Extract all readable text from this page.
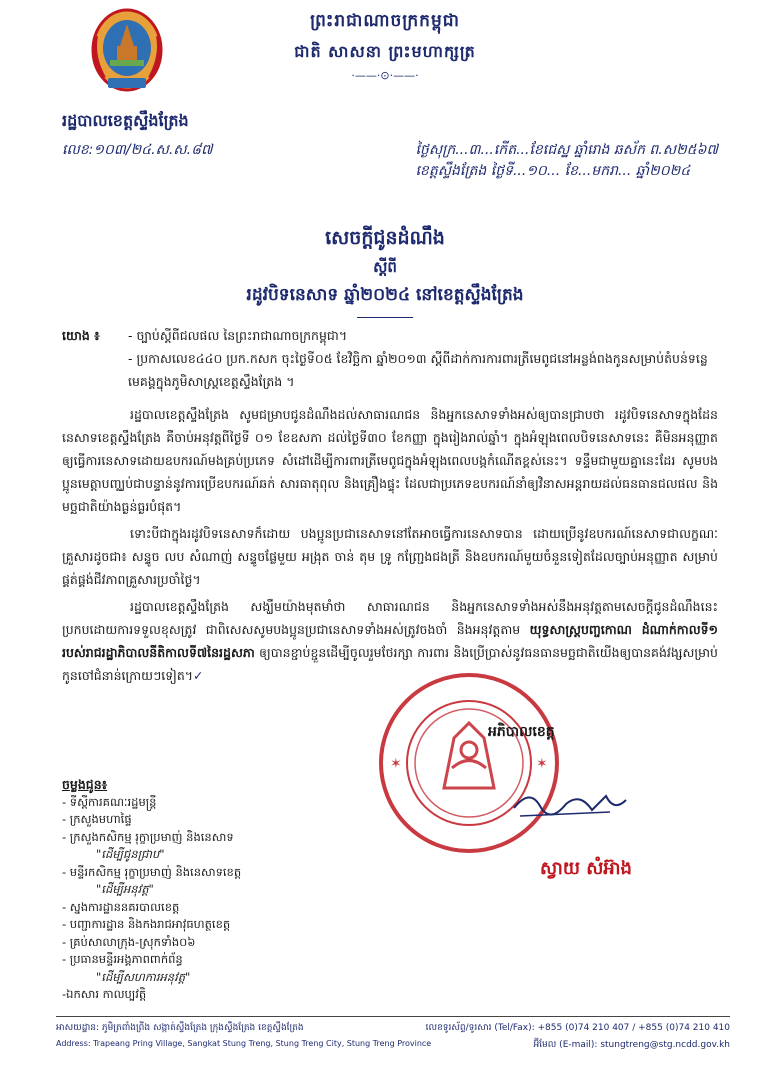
ព្រះរាជាណាចក្រកម្ពុជា
ជាតិ សាសនា ព្រះមហាក្សត្រ
·——·⊙·——·
រដ្ឋបាលខេត្តស្ទឹងត្រែង
លេខ:១០៣/២៤.ស.ស.៨៧	ថ្ងៃសុក្រ...៣...កើត...ខែជេស្ឋ ឆ្នាំរោង ឆស័ក ព.ស២៥៦៧
ខេត្តស្ទឹងត្រែង ថ្ងៃទី...១០... ខែ...មករា... ឆ្នាំ២០២៤
សេចក្តីជូនដំណឹង
ស្តីពី
រដូវបិទនេសាទ ឆ្នាំ២០២៤ នៅខេត្តស្ទឹងត្រែង
យោង ៖	- ច្បាប់ស្តីពីជលផល នៃព្រះរាជាណាចក្រកម្ពុជា។
- ប្រកាសលេខ៤៤០ ប្រក.កសក ចុះថ្ងៃទី០៥ ខែវិច្ឆិកា ឆ្នាំ២០១៣ ស្តីពីដាក់ការការពារត្រីមេពូជនៅអន្លង់ពងកូនសម្រាប់តំបន់ទន្លេមេគង្គក្នុងភូមិសាស្ត្រខេត្តស្ទឹងត្រែង ។
រដ្ឋបាលខេត្តស្ទឹងត្រែង សូមជម្រាបជូនដំណឹងដល់សាធារណជន និងអ្នកនេសាទទាំងអស់ឲ្យបានជ្រាបថា រដូវបិទនេសាទក្នុងដែននេសាទខេត្តស្ទឹងត្រែង គឺចាប់អនុវត្តពីថ្ងៃទី ០១ ខែឧសភា ដល់ថ្ងៃទី៣០ ខែកញ្ញា ក្នុងរៀងរាល់ឆ្នាំ។ ក្នុងអំឡុងពេលបិទនេសាទនេះ គឺមិនអនុញ្ញាតឲ្យធ្វើការនេសាទដោយឧបករណ៍មងគ្រប់ប្រភេទ សំដៅដើម្បីការពារត្រីមេពូជក្នុងអំឡុងពេលបង្កកំណើតខ្ពស់នេះ។ ទន្ទឹមជាមួយគ្នានេះដែរ សូមបងប្អូនមេត្តាបញ្ឈប់ជាបន្ទាន់នូវការប្រើឧបករណ៍ឆក់ សារធាតុពុល និងគ្រឿងផ្ទុះ ដែលជាប្រភេទឧបករណ៍នាំឲ្យវិនាសអន្តរាយដល់ធនធានជលផល និងមច្ឆជាតិយ៉ាងធ្ងន់ធ្ងរបំផុត។
ទោះបីជាក្នុងរដូវបិទនេសាទក៏ដោយ បងប្អូនប្រជានេសាទនៅតែអាចធ្វើការនេសាទបាន ដោយប្រើនូវឧបករណ៍នេសាទជាលក្ខណៈគ្រួសារដូចជា៖ សន្ទូច លប សំណាញ់ សន្ទូចផ្លែមួយ អង្រុត ចាន់ តុម ទ្រូ កញ្ជ្រែងជងត្រី និងឧបករណ៍មួយចំនួនទៀតដែលច្បាប់អនុញ្ញាត សម្រាប់ផ្គត់ផ្គង់ជីវភាពគ្រួសារប្រចាំថ្ងៃ។
រដ្ឋបាលខេត្តស្ទឹងត្រែង សង្ឃឹមយ៉ាងមុតមាំថា សាធារណជន និងអ្នកនេសាទទាំងអស់នឹងអនុវត្តតាមសេចក្តីជូនដំណឹងនេះប្រកបដោយការទទួលខុសត្រូវ ជាពិសេសសូមបងប្អូនប្រជានេសាទទាំងអស់ត្រូវចងចាំ និងអនុវត្តតាម យុទ្ធសាស្ត្របញ្ចកោណ ដំណាក់កាលទី១ របស់រាជរដ្ឋាភិបាលនីតិកាលទី៧នៃរដ្ឋសភា ឲ្យបានខ្ជាប់ខ្ជួនដើម្បីចូលរួមថែរក្សា ការពារ និងប្រើប្រាស់នូវធនធានមច្ឆជាតិយើងឲ្យបានគង់វង្សសម្រាប់កូនចៅជំនាន់ក្រោយៗទៀត។✓
ចម្លងជូន៖
- ទីស្តីការគណៈរដ្ឋមន្ត្រី
- ក្រសួងមហាផ្ទៃ
- ក្រសួងកសិកម្ម រុក្ខាប្រមាញ់ និងនេសាទ
"ដើម្បីជូនជ្រាប"
- មន្ទីរកសិកម្ម រុក្ខាប្រមាញ់ និងនេសាទខេត្ត
"ដើម្បីអនុវត្ត"
- ស្នងការដ្ឋាននគរបាលខេត្ត
- បញ្ជាការដ្ឋាន និងកងរាជអាវុធហត្ថខេត្ត
- គ្រប់សាលាក្រុង-ស្រុកទាំង០៦
- ប្រធានមន្ទីរអង្គភាពពាក់ព័ន្ធ
"ដើម្បីសហការអនុវត្ត"
-ឯកសារ កាលប្បវត្តិ
✶	✶
អភិបាលខេត្ត
ស្វាយ សំអ៊ាង
អាសយដ្ឋាន: ភូមិត្រពាំងព្រីង សង្កាត់ស្ទឹងត្រែង ក្រុងស្ទឹងត្រែង ខេត្តស្ទឹងត្រែង	លេខទូរស័ព្ទ/ទូរសារ (Tel/Fax): +855 (0)74 210 407 / +855 (0)74 210 410
Address: Trapeang Pring Village, Sangkat Stung Treng, Stung Treng City, Stung Treng Province	អ៊ីមែល (E-mail): stungtreng@stg.ncdd.gov.kh
